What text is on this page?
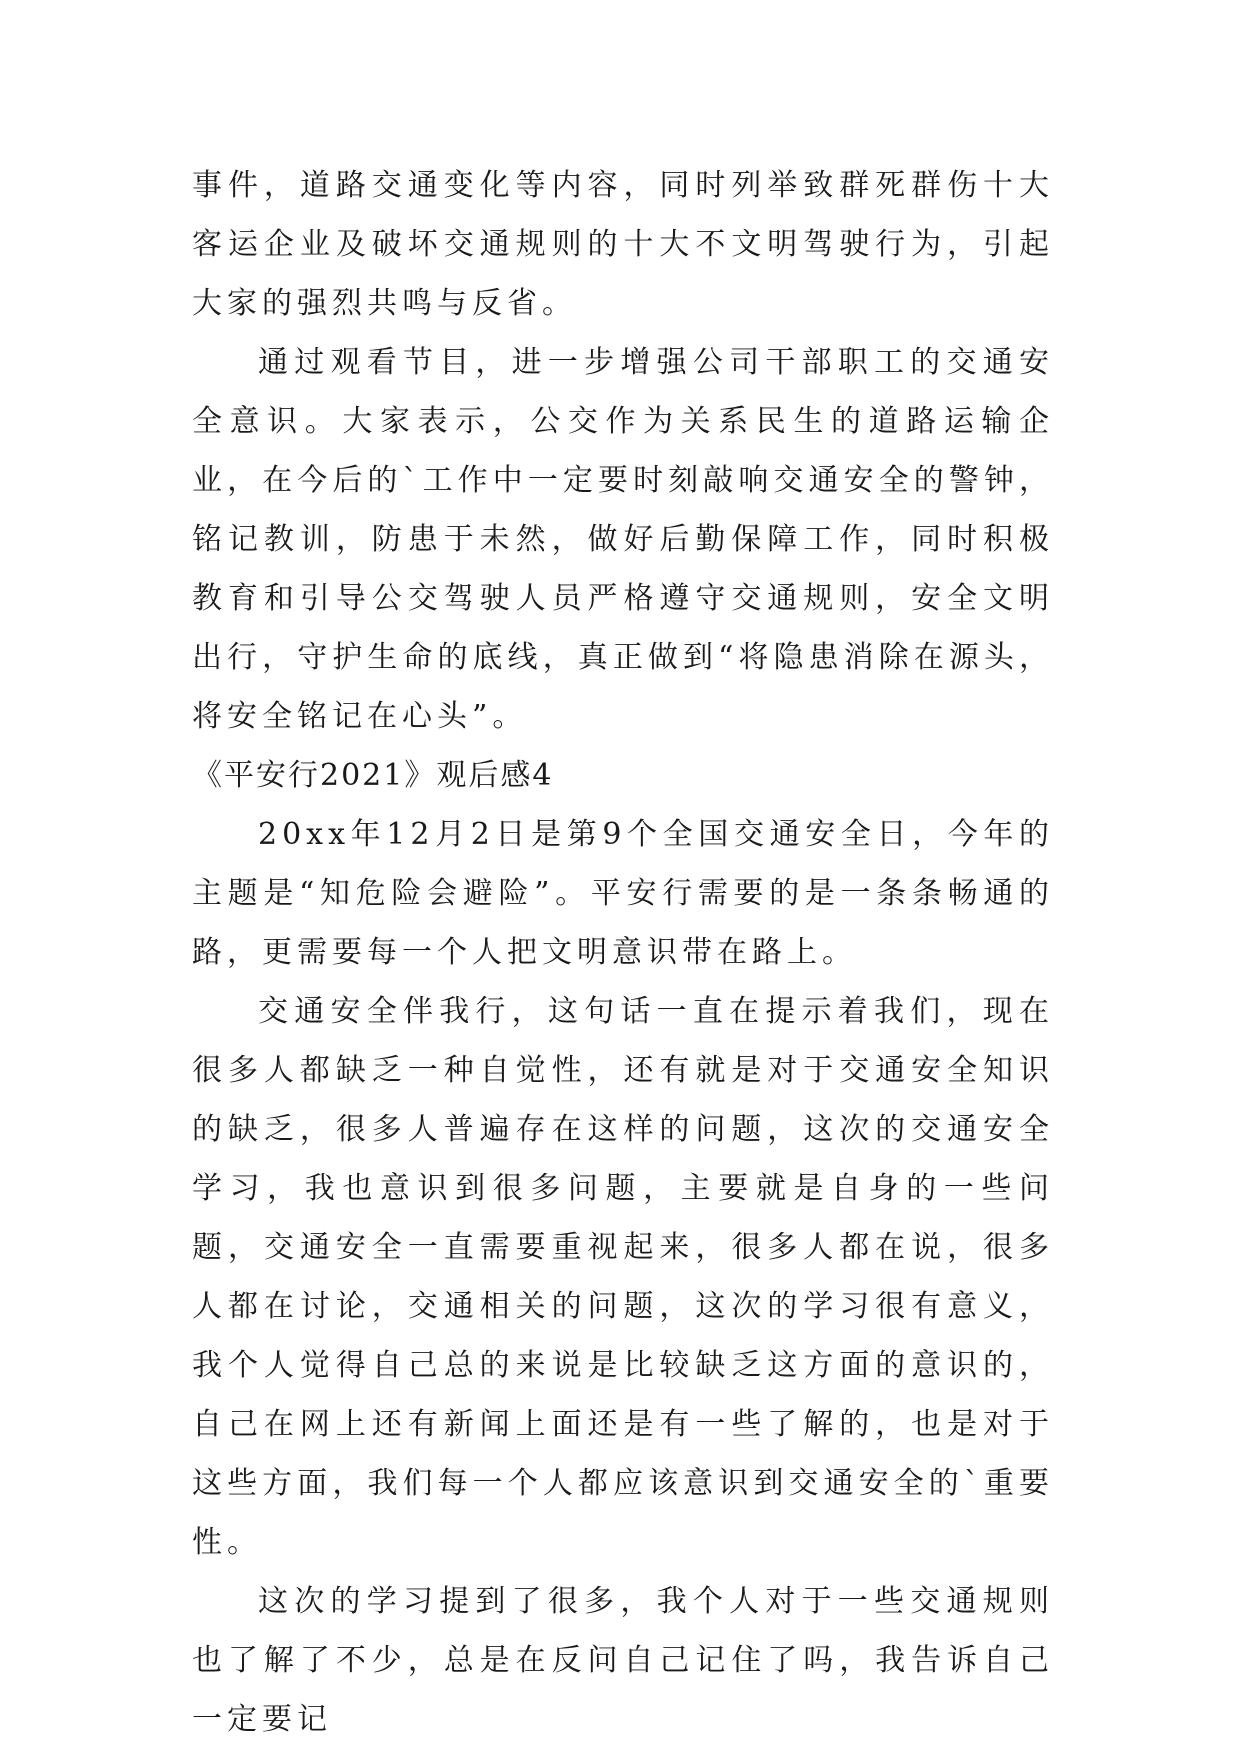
事件，道路交通变化等内容，同时列举致群死群伤十大客运企业及破坏交通规则的十大不文明驾驶行为，引起大家的强烈共鸣与反省。

通过观看节目，进一步增强公司干部职工的交通安全意识。大家表示，公交作为关系民生的道路运输企业，在今后的`工作中一定要时刻敲响交通安全的警钟，铭记教训，防患于未然，做好后勤保障工作，同时积极教育和引导公交驾驶人员严格遵守交通规则，安全文明出行，守护生命的底线，真正做到“将隐患消除在源头，将安全铭记在心头”。

《平安行2021》观后感4

20xx年12月2日是第9个全国交通安全日，今年的主题是“知危险会避险”。平安行需要的是一条条畅通的路，更需要每一个人把文明意识带在路上。

交通安全伴我行，这句话一直在提示着我们，现在很多人都缺乏一种自觉性，还有就是对于交通安全知识的缺乏，很多人普遍存在这样的问题，这次的交通安全学习，我也意识到很多问题，主要就是自身的一些问题，交通安全一直需要重视起来，很多人都在说，很多人都在讨论，交通相关的问题，这次的学习很有意义，我个人觉得自己总的来说是比较缺乏这方面的意识的，自己在网上还有新闻上面还是有一些了解的，也是对于这些方面，我们每一个人都应该意识到交通安全的`重要性。

这次的学习提到了很多，我个人对于一些交通规则也了解了不少，总是在反问自己记住了吗，我告诉自己一定要记
